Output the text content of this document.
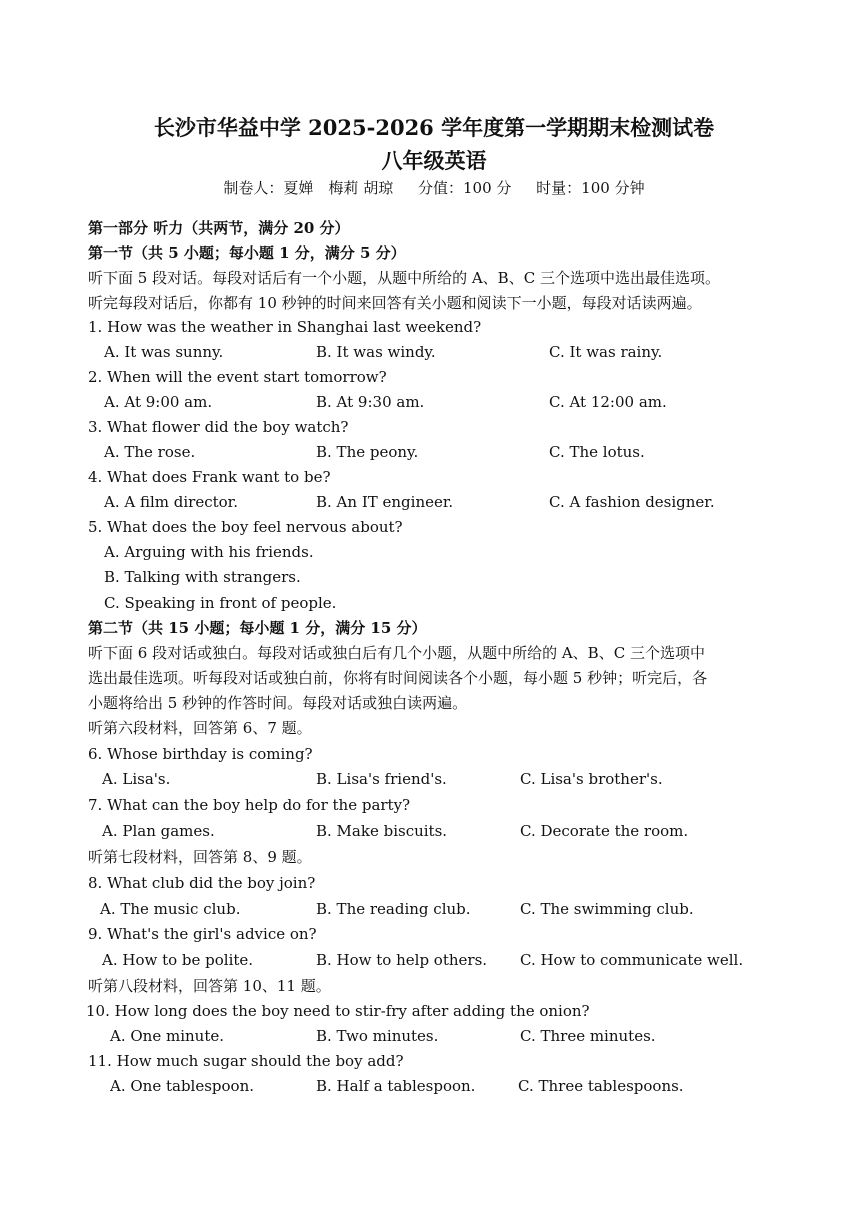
长沙市华益中学 2025-2026 学年度第一学期期末检测试卷
八年级英语
制卷人：夏婵　梅莉 胡琼 分值：100 分 时量：100 分钟
第一部分 听力（共两节，满分 20 分）
第一节（共 5 小题；每小题 1 分，满分 5 分）
听下面 5 段对话。每段对话后有一个小题，从题中所给的 A、B、C 三个选项中选出最佳选项。
听完每段对话后，你都有 10 秒钟的时间来回答有关小题和阅读下一小题，每段对话读两遍。
1. How was the weather in Shanghai last weekend?
A. It was sunny.	B. It was windy.	C. It was rainy.
2. When will the event start tomorrow?
A. At 9:00 am.	B. At 9:30 am.	C. At 12:00 am.
3. What flower did the boy watch?
A. The rose.	B. The peony.	C. The lotus.
4. What does Frank want to be?
A. A film director.	B. An IT engineer.	C. A fashion designer.
5. What does the boy feel nervous about?
A. Arguing with his friends.
B. Talking with strangers.
C. Speaking in front of people.
第二节（共 15 小题；每小题 1 分，满分 15 分）
听下面 6 段对话或独白。每段对话或独白后有几个小题，从题中所给的 A、B、C 三个选项中
选出最佳选项。听每段对话或独白前，你将有时间阅读各个小题，每小题 5 秒钟；听完后，各
小题将给出 5 秒钟的作答时间。每段对话或独白读两遍。
听第六段材料，回答第 6、7 题。
6. Whose birthday is coming?
A. Lisa's.	B. Lisa's friend's.	C. Lisa's brother's.
7. What can the boy help do for the party?
A. Plan games.	B. Make biscuits.	C. Decorate the room.
听第七段材料，回答第 8、9 题。
8. What club did the boy join?
A. The music club.	B. The reading club.	C. The swimming club.
9. What's the girl's advice on?
A. How to be polite.	B. How to help others. C. How to communicate well.
听第八段材料，回答第 10、11 题。
10. How long does the boy need to stir-fry after adding the onion?
A. One minute.	B. Two minutes.	C. Three minutes.
11. How much sugar should the boy add?
A. One tablespoon.	B. Half a tablespoon.	C. Three tablespoons.
